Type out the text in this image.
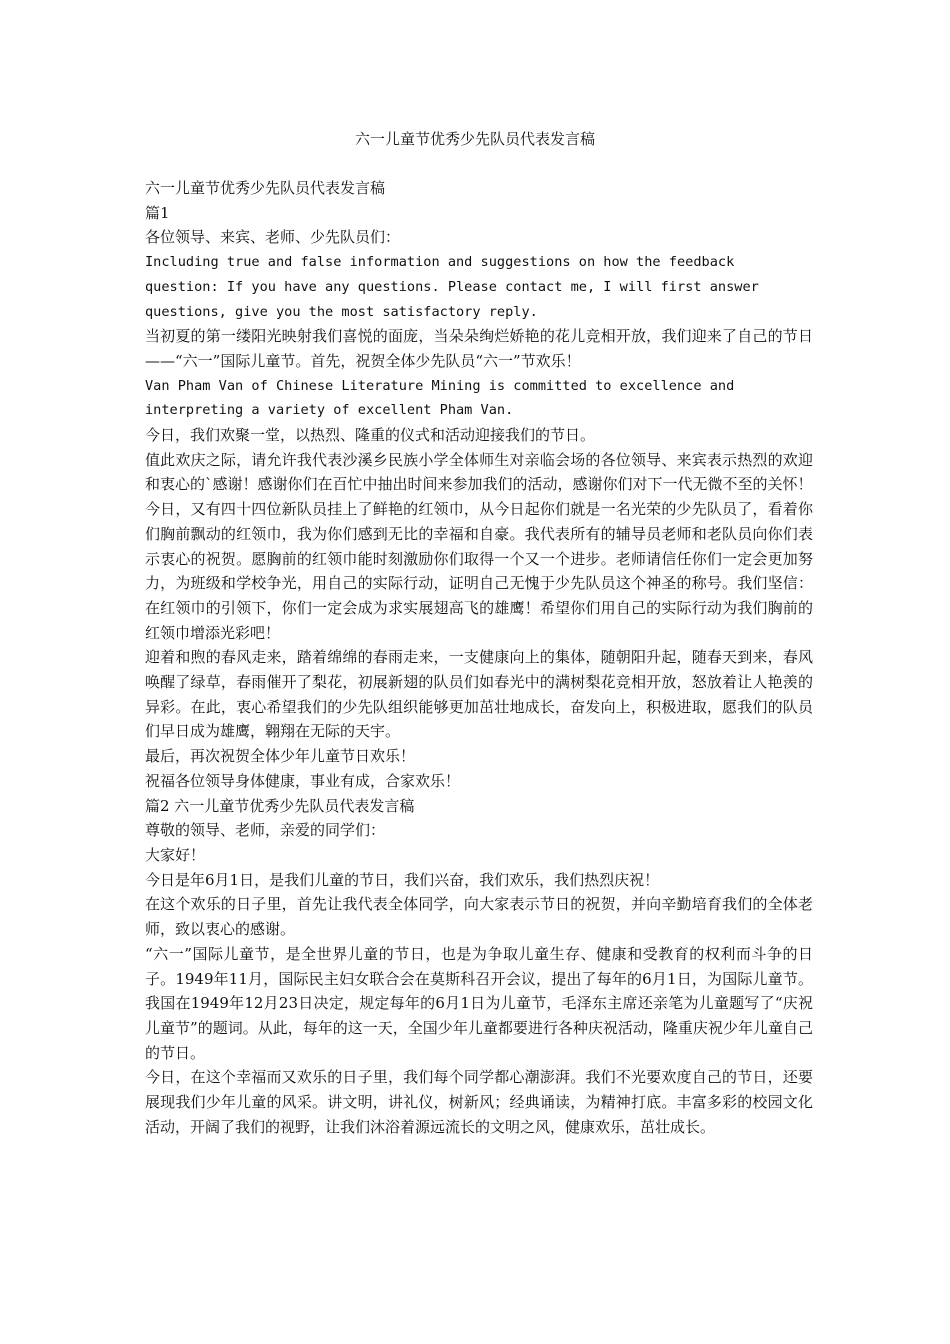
六一儿童节优秀少先队员代表发言稿

六一儿童节优秀少先队员代表发言稿

篇1

各位领导、来宾、老师、少先队员们：

Including true and false information and suggestions on how the feedback question: If you have any questions. Please contact me, I will first answer questions, give you the most satisfactory reply.

当初夏的第一缕阳光映射我们喜悦的面庞，当朵朵绚烂娇艳的花儿竞相开放，我们迎来了自己的节日——“六一”国际儿童节。首先，祝贺全体少先队员“六一”节欢乐！

Van Pham Van of Chinese Literature Mining is committed to excellence and interpreting a variety of excellent Pham Van.

今日，我们欢聚一堂，以热烈、隆重的仪式和活动迎接我们的节日。

值此欢庆之际，请允许我代表沙溪乡民族小学全体师生对亲临会场的各位领导、来宾表示热烈的欢迎和衷心的`感谢！感谢你们在百忙中抽出时间来参加我们的活动，感谢你们对下一代无微不至的关怀！

今日，又有四十四位新队员挂上了鲜艳的红领巾，从今日起你们就是一名光荣的少先队员了，看着你们胸前飘动的红领巾，我为你们感到无比的幸福和自豪。我代表所有的辅导员老师和老队员向你们表示衷心的祝贺。愿胸前的红领巾能时刻激励你们取得一个又一个进步。老师请信任你们一定会更加努力，为班级和学校争光，用自己的实际行动，证明自己无愧于少先队员这个神圣的称号。我们坚信：在红领巾的引领下，你们一定会成为求实展翅高飞的雄鹰！希望你们用自己的实际行动为我们胸前的红领巾增添光彩吧！

迎着和煦的春风走来，踏着绵绵的春雨走来，一支健康向上的集体，随朝阳升起，随春天到来，春风唤醒了绿草，春雨催开了梨花，初展新翅的队员们如春光中的满树梨花竞相开放，怒放着让人艳羡的异彩。在此，衷心希望我们的少先队组织能够更加茁壮地成长，奋发向上，积极进取，愿我们的队员们早日成为雄鹰，翱翔在无际的天宇。

最后，再次祝贺全体少年儿童节日欢乐！

祝福各位领导身体健康，事业有成，合家欢乐！

篇2 六一儿童节优秀少先队员代表发言稿

尊敬的领导、老师，亲爱的同学们：

大家好！

今日是年6月1日，是我们儿童的节日，我们兴奋，我们欢乐，我们热烈庆祝！

在这个欢乐的日子里，首先让我代表全体同学，向大家表示节日的祝贺，并向辛勤培育我们的全体老师，致以衷心的感谢。

“六一”国际儿童节，是全世界儿童的节日，也是为争取儿童生存、健康和受教育的权利而斗争的日子。1949年11月，国际民主妇女联合会在莫斯科召开会议，提出了每年的6月1日，为国际儿童节。我国在1949年12月23日决定，规定每年的6月1日为儿童节，毛泽东主席还亲笔为儿童题写了“庆祝儿童节”的题词。从此，每年的这一天，全国少年儿童都要进行各种庆祝活动，隆重庆祝少年儿童自己的节日。

今日，在这个幸福而又欢乐的日子里，我们每个同学都心潮澎湃。我们不光要欢度自己的节日，还要展现我们少年儿童的风采。讲文明，讲礼仪，树新风；经典诵读，为精神打底。丰富多彩的校园文化活动，开阔了我们的视野，让我们沐浴着源远流长的文明之风，健康欢乐，茁壮成长。
